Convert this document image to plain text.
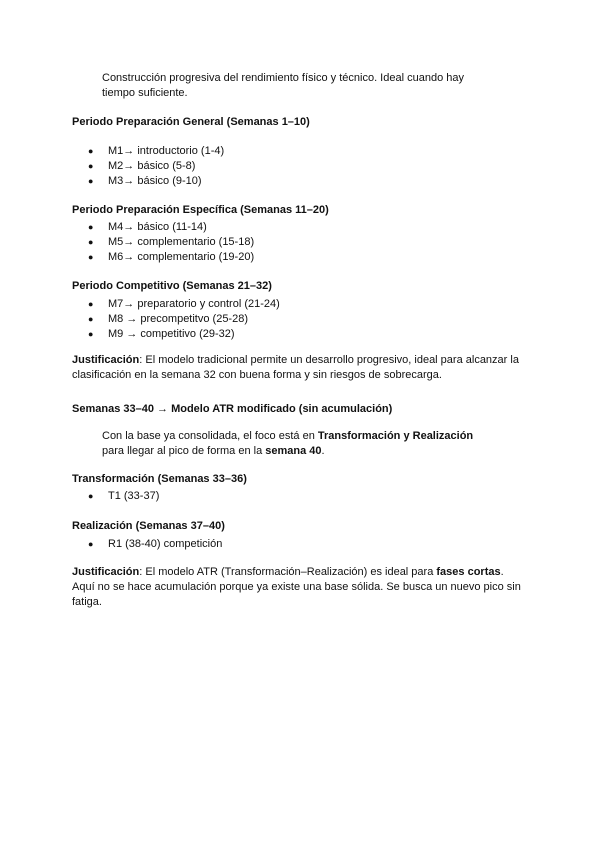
Construcción progresiva del rendimiento físico y técnico. Ideal cuando hay
tiempo suficiente.
Periodo Preparación General (Semanas 1–10)
● M1→ introductorio (1-4)
● M2→ básico (5-8)
● M3→ básico (9-10)
Periodo Preparación Específica (Semanas 11–20)
● M4→ básico (11-14)
● M5→ complementario (15-18)
● M6→ complementario (19-20)
Periodo Competitivo (Semanas 21–32)
● M7→ preparatorio y control (21-24)
● M8 → precompetitvo (25-28)
● M9 → competitivo (29-32)
Justificación: El modelo tradicional permite un desarrollo progresivo, ideal para alcanzar la
clasificación en la semana 32 con buena forma y sin riesgos de sobrecarga.
Semanas 33–40 → Modelo ATR modificado (sin acumulación)
Con la base ya consolidada, el foco está en Transformación y Realización
para llegar al pico de forma en la semana 40.
Transformación (Semanas 33–36)
● T1 (33-37)
Realización (Semanas 37–40)
● R1 (38-40) competición
Justificación: El modelo ATR (Transformación–Realización) es ideal para fases cortas.
Aquí no se hace acumulación porque ya existe una base sólida. Se busca un nuevo pico sin
fatiga.
